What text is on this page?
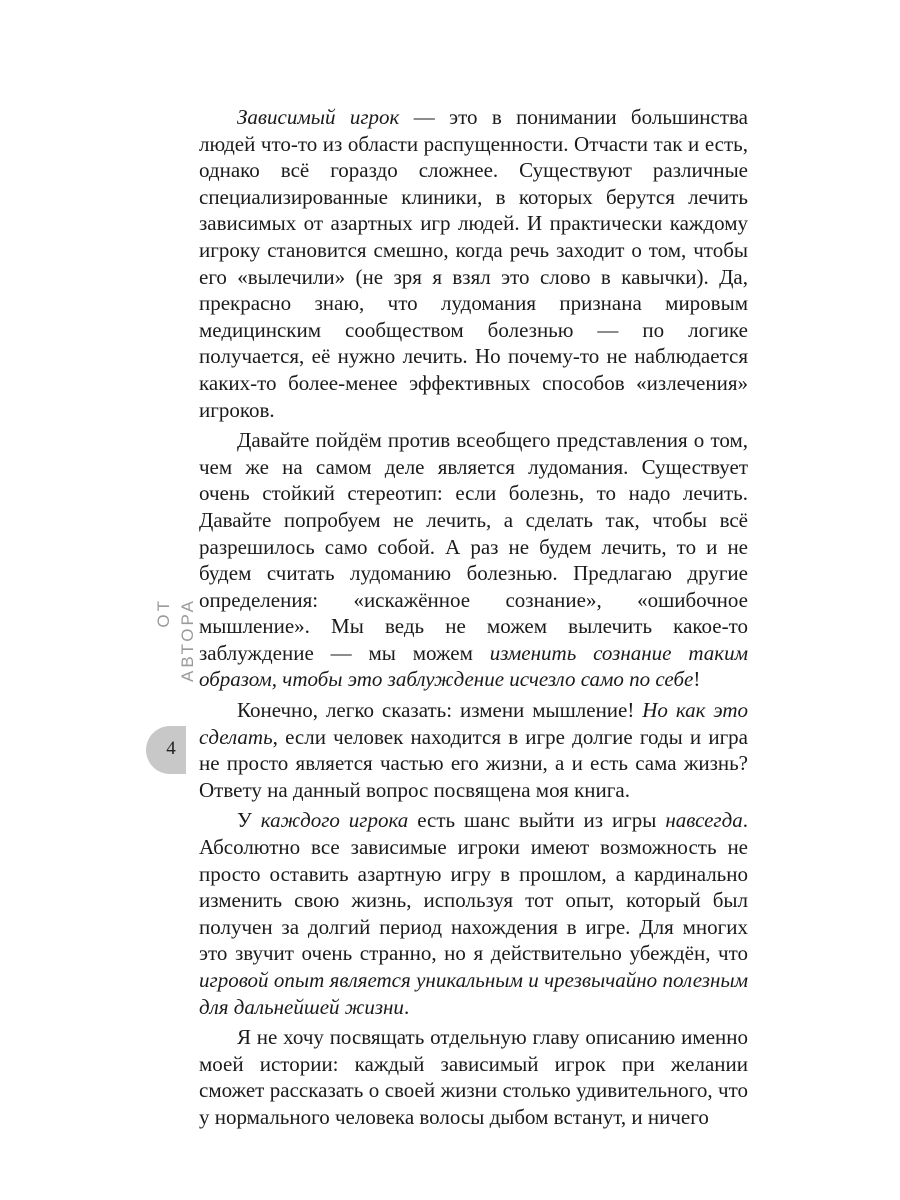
ОТ АВТОРА
4

Зависимый игрок — это в понимании большинства людей что-то из области распущенности. Отчасти так и есть, однако всё гораздо сложнее. Существуют различные специализированные клиники, в которых берутся лечить зависимых от азартных игр людей. И практически каждому игроку становится смешно, когда речь заходит о том, чтобы его «вылечили» (не зря я взял это слово в кавычки). Да, прекрасно знаю, что лудомания признана мировым медицинским сообществом болезнью — по логике получается, её нужно лечить. Но почему-то не наблюдается каких-то более-менее эффективных способов «излечения» игроков.

Давайте пойдём против всеобщего представления о том, чем же на самом деле является лудомания. Существует очень стойкий стереотип: если болезнь, то надо лечить. Давайте попробуем не лечить, а сделать так, чтобы всё разрешилось само собой. А раз не будем лечить, то и не будем считать лудоманию болезнью. Предлагаю другие определения: «искажённое сознание», «ошибочное мышление». Мы ведь не можем вылечить какое-то заблуждение — мы можем изменить сознание таким образом, чтобы это заблуждение исчезло само по себе!

Конечно, легко сказать: измени мышление! Но как это сделать, если человек находится в игре долгие годы и игра не просто является частью его жизни, а и есть сама жизнь? Ответу на данный вопрос посвящена моя книга.

У каждого игрока есть шанс выйти из игры навсегда. Абсолютно все зависимые игроки имеют возможность не просто оставить азартную игру в прошлом, а кардинально изменить свою жизнь, используя тот опыт, который был получен за долгий период нахождения в игре. Для многих это звучит очень странно, но я действительно убеждён, что игровой опыт является уникальным и чрезвычайно полезным для дальнейшей жизни.

Я не хочу посвящать отдельную главу описанию именно моей истории: каждый зависимый игрок при желании сможет рассказать о своей жизни столько удивительного, что у нормального человека волосы дыбом встанут, и ничего
